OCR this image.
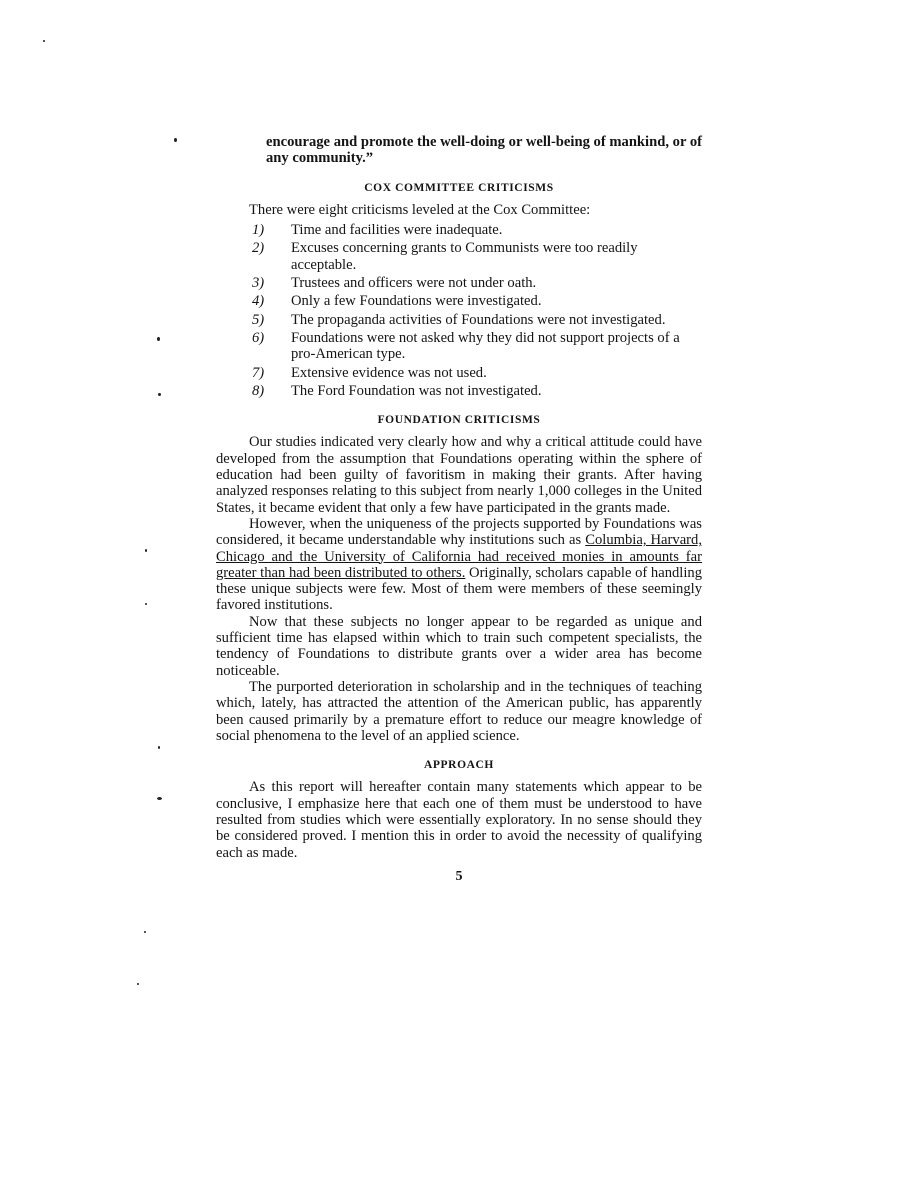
encourage and promote the well-doing or well-being of mankind, or of any community.”

COX COMMITTEE CRITICISMS

There were eight criticisms leveled at the Cox Committee:

1) Time and facilities were inadequate.
2) Excuses concerning grants to Communists were too readily acceptable.
3) Trustees and officers were not under oath.
4) Only a few Foundations were investigated.
5) The propaganda activities of Foundations were not investigated.
6) Foundations were not asked why they did not support projects of a pro-American type.
7) Extensive evidence was not used.
8) The Ford Foundation was not investigated.
FOUNDATION CRITICISMS

Our studies indicated very clearly how and why a critical attitude could have developed from the assumption that Foundations operating within the sphere of education had been guilty of favoritism in making their grants. After having analyzed responses relating to this subject from nearly 1,000 colleges in the United States, it became evident that only a few have participated in the grants made.

However, when the uniqueness of the projects supported by Foundations was considered, it became understandable why institutions such as Columbia, Harvard, Chicago and the University of California had received monies in amounts far greater than had been distributed to others. Originally, scholars capable of handling these unique subjects were few. Most of them were members of these seemingly favored institutions.

Now that these subjects no longer appear to be regarded as unique and sufficient time has elapsed within which to train such competent specialists, the tendency of Foundations to distribute grants over a wider area has become noticeable.

The purported deterioration in scholarship and in the techniques of teaching which, lately, has attracted the attention of the American public, has apparently been caused primarily by a premature effort to reduce our meagre knowledge of social phenomena to the level of an applied science.

APPROACH

As this report will hereafter contain many statements which appear to be conclusive, I emphasize here that each one of them must be understood to have resulted from studies which were essentially exploratory. In no sense should they be considered proved. I mention this in order to avoid the necessity of qualifying each as made.

5
